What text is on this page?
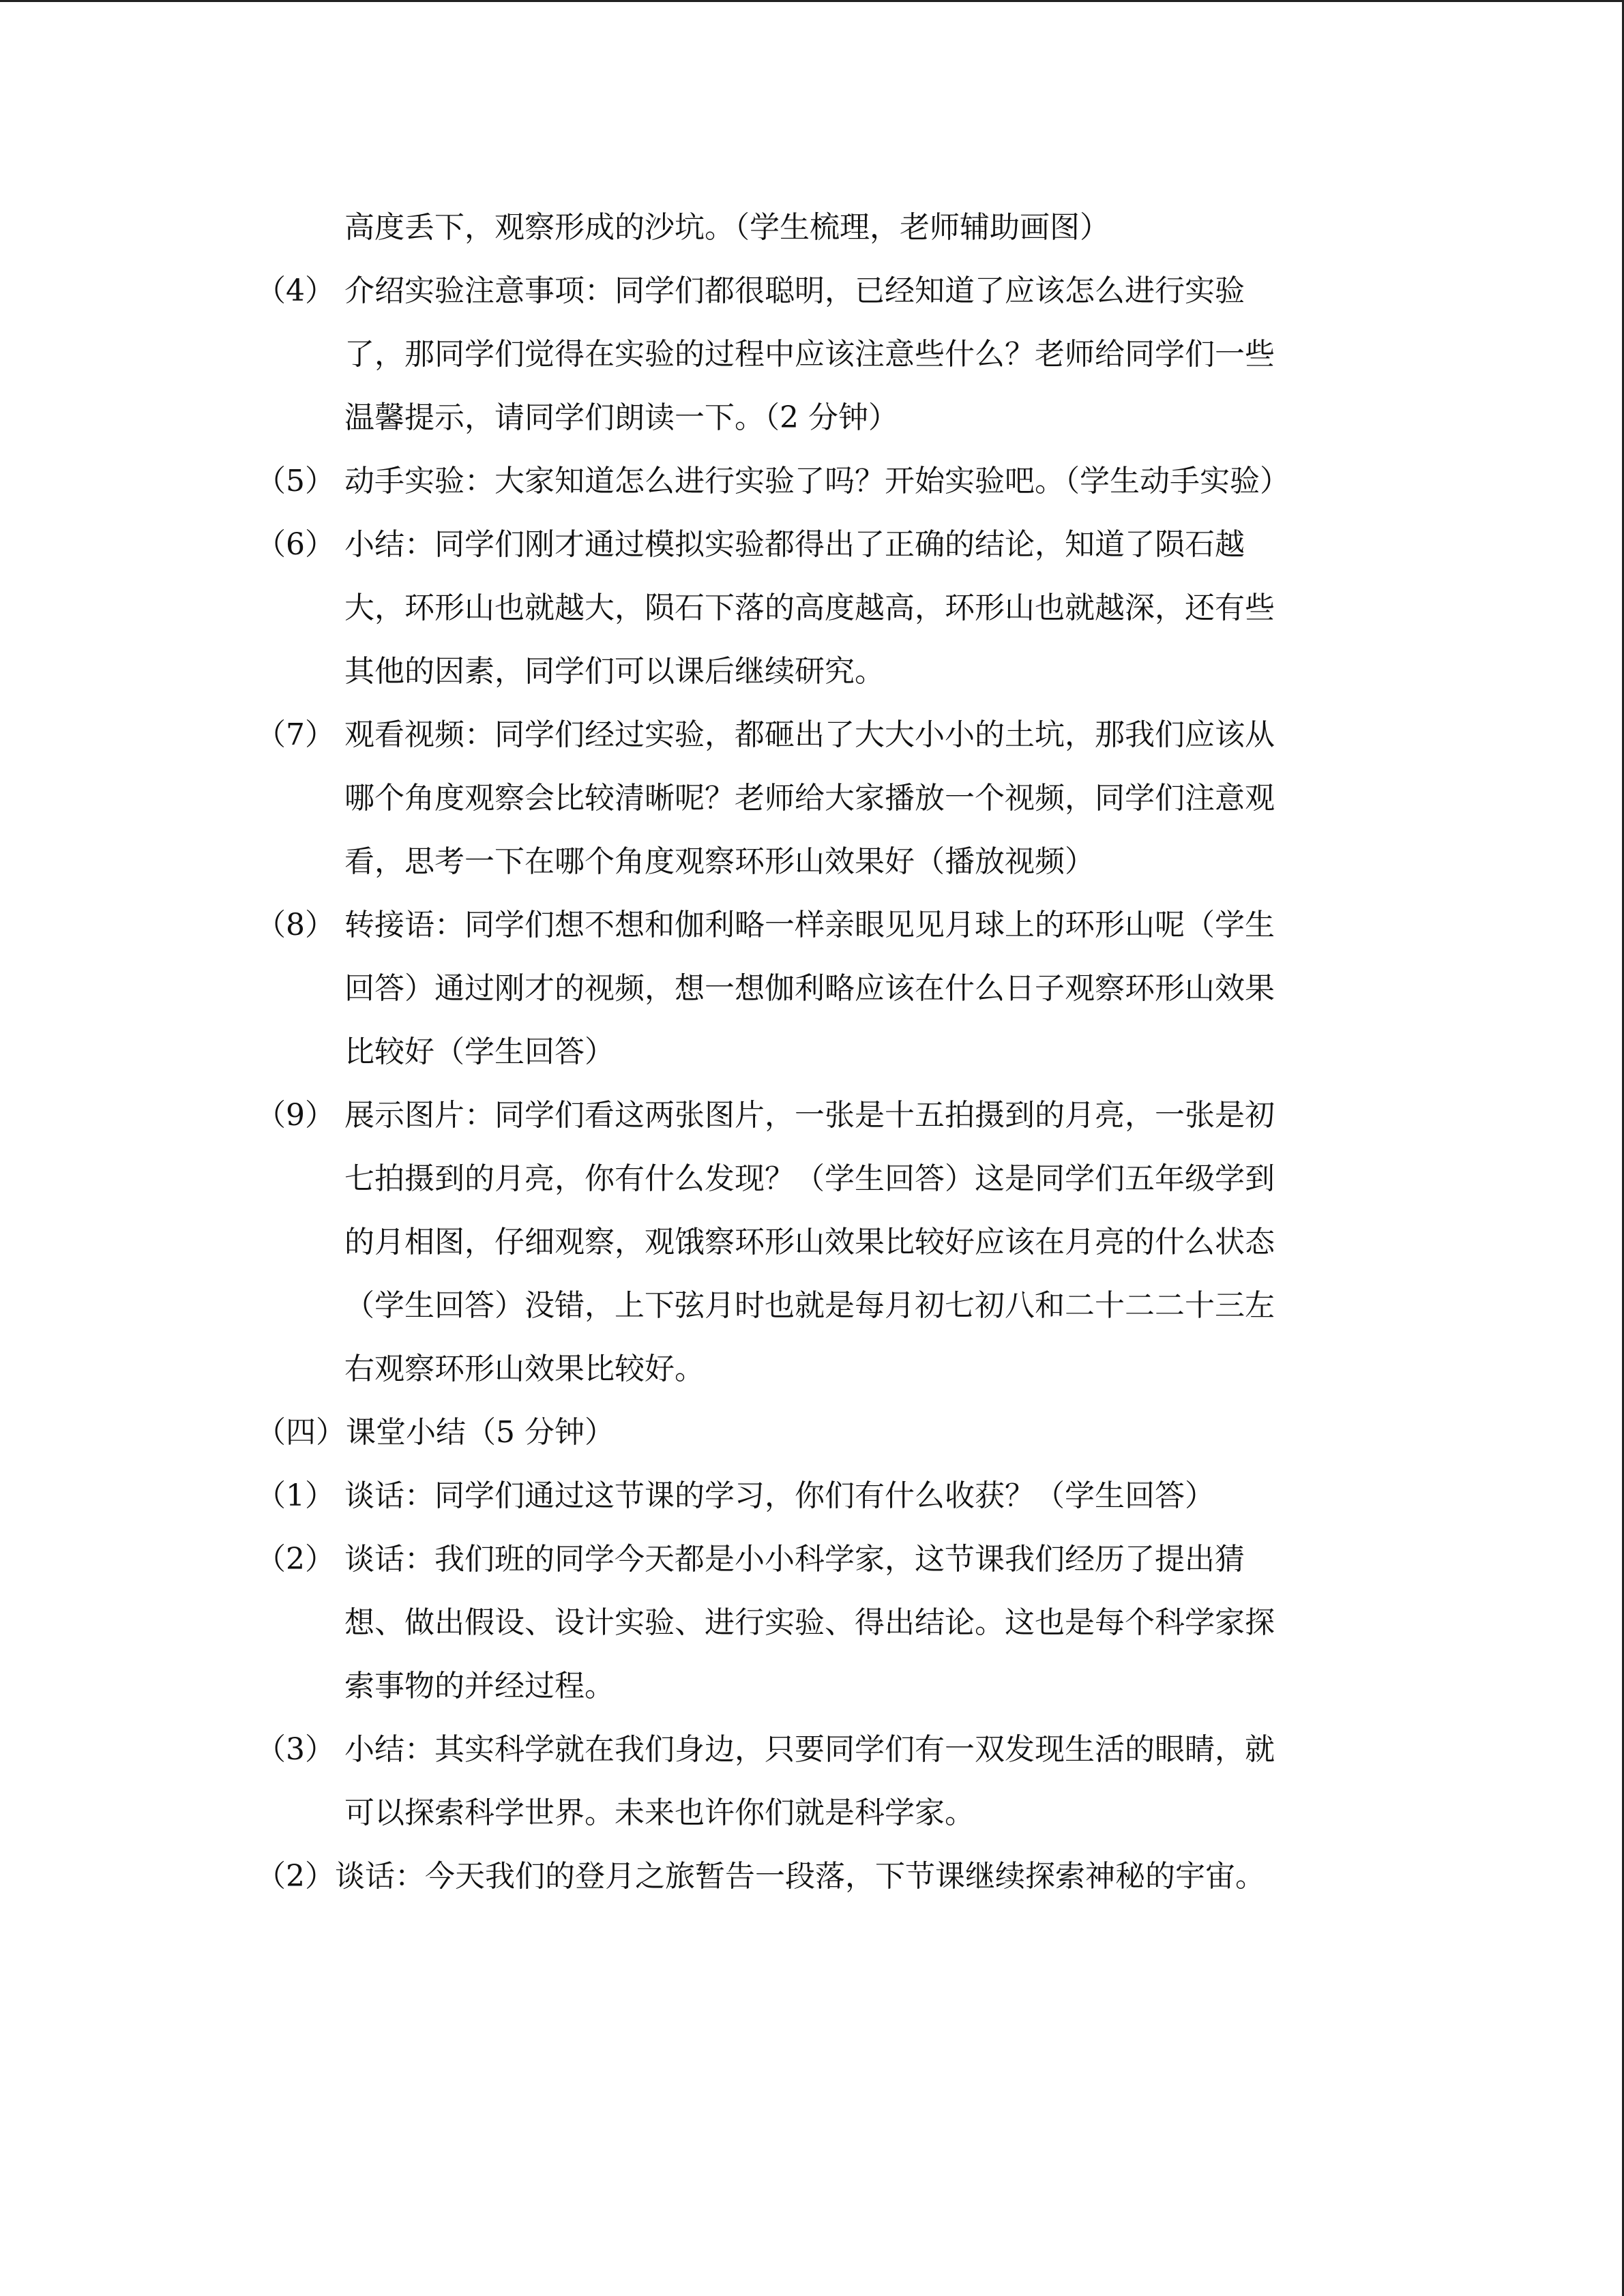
高度丢下，观察形成的沙坑。（学生梳理，老师辅助画图）
（4） 介绍实验注意事项：同学们都很聪明，已经知道了应该怎么进行实验
了，那同学们觉得在实验的过程中应该注意些什么？老师给同学们一些
温馨提示，请同学们朗读一下。（2 分钟）
（5） 动手实验：大家知道怎么进行实验了吗？开始实验吧。（学生动手实验）
（6） 小结：同学们刚才通过模拟实验都得出了正确的结论，知道了陨石越
大，环形山也就越大，陨石下落的高度越高，环形山也就越深，还有些
其他的因素，同学们可以课后继续研究。
（7） 观看视频：同学们经过实验，都砸出了大大小小的土坑，那我们应该从
哪个角度观察会比较清晰呢？老师给大家播放一个视频，同学们注意观
看，思考一下在哪个角度观察环形山效果好（播放视频）
（8） 转接语：同学们想不想和伽利略一样亲眼见见月球上的环形山呢（学生
回答）通过刚才的视频，想一想伽利略应该在什么日子观察环形山效果
比较好（学生回答）
（9） 展示图片：同学们看这两张图片，一张是十五拍摄到的月亮，一张是初
七拍摄到的月亮，你有什么发现？（学生回答）这是同学们五年级学到
的月相图，仔细观察，观饿察环形山效果比较好应该在月亮的什么状态
（学生回答）没错，上下弦月时也就是每月初七初八和二十二二十三左
右观察环形山效果比较好。
（四）课堂小结（5 分钟）
（1） 谈话：同学们通过这节课的学习，你们有什么收获？（学生回答）
（2） 谈话：我们班的同学今天都是小小科学家，这节课我们经历了提出猜
想、做出假设、设计实验、进行实验、得出结论。这也是每个科学家探
索事物的并经过程。
（3） 小结：其实科学就在我们身边，只要同学们有一双发现生活的眼睛，就
可以探索科学世界。未来也许你们就是科学家。
（2）谈话：今天我们的登月之旅暂告一段落，下节课继续探索神秘的宇宙。
